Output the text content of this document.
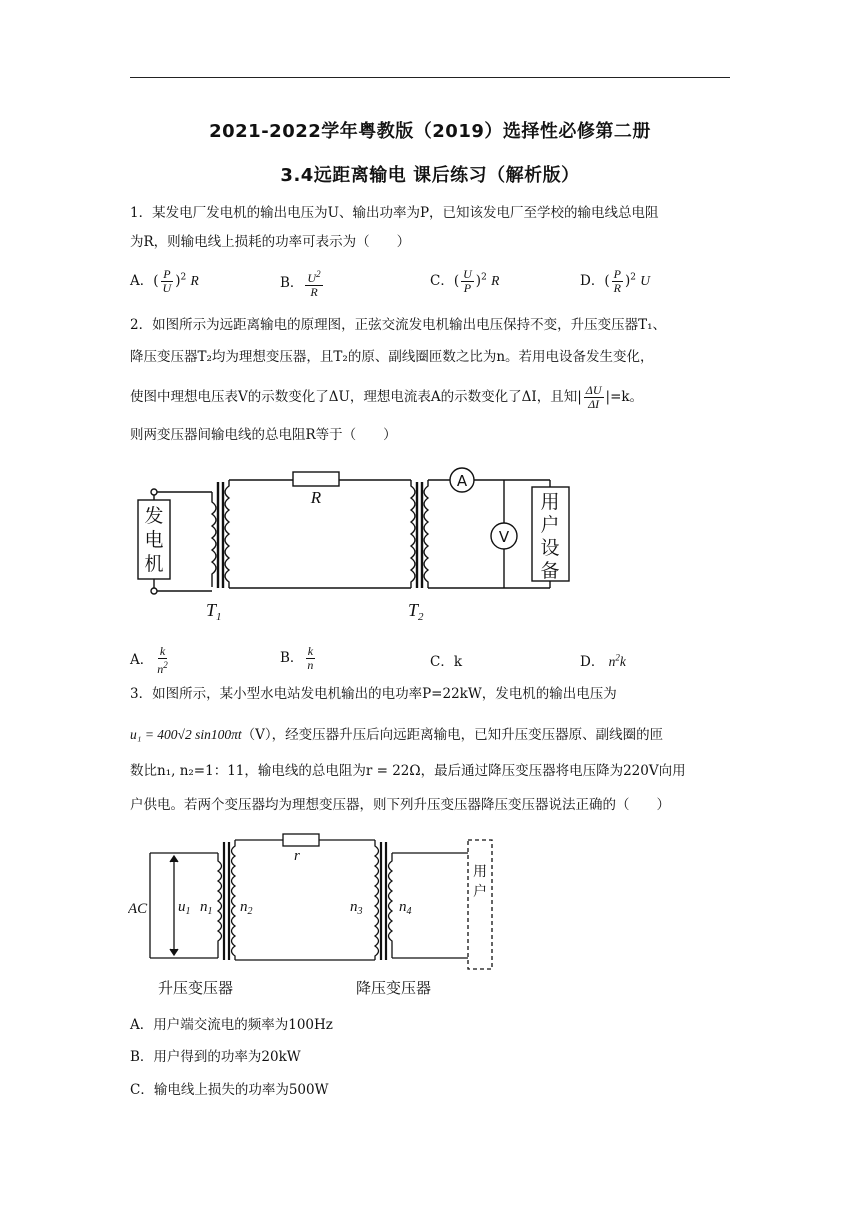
2021-2022学年粤教版（2019）选择性必修第二册
3.4远距离输电 课后练习（解析版）
1．某发电厂发电机的输出电压为U、输出功率为P，已知该发电厂至学校的输电线总电阻
为R，则输电线上损耗的功率可表示为（　　）
A．( $\frac{P}{U} )^2$ R	B． $\frac{U^2}{R}$	C．( $\frac{U}{P} )^2$ R	D．( $\frac{P}{R} )^2$ U
2．如图所示为远距离输电的原理图，正弦交流发电机输出电压保持不变，升压变压器T₁、
降压变压器T₂均为理想变压器，且T₂的原、副线圈匝数之比为n。若用电设备发生变化，
使图中理想电压表V的示数变化了ΔU，理想电流表A的示数变化了ΔI，且知| $\frac{\Delta U}{\Delta I} |=k$。
则两变压器间输电线的总电阻R等于（　　）
R
A
V
$T_1$	$T_2$
发
电
机
用
户
设
备
A． $\frac{k}{n^2}$	B． $\frac{k}{n}$	C．k	D． $n^2k$
3．如图所示，某小型水电站发电机输出的电功率P=22kW，发电机的输出电压为
u₁ = 400√2 sin100πt（V），经变压器升压后向远距离输电，已知升压变压器原、副线圈的匝
数比n₁, n₂=1：11，输电线的总电阻为r = 22Ω，最后通过降压变压器将电压降为220V向用
户供电。若两个变压器均为理想变压器，则下列升压变压器降压变压器说法正确的（　　）
AC $u_1$ $n_1$ $n_2$	$n_3$ $n_4$
r
升压变压器	降压变压器
用
户
A．用户端交流电的频率为100Hz
B．用户得到的功率为20kW
C．输电线上损失的功率为500W
